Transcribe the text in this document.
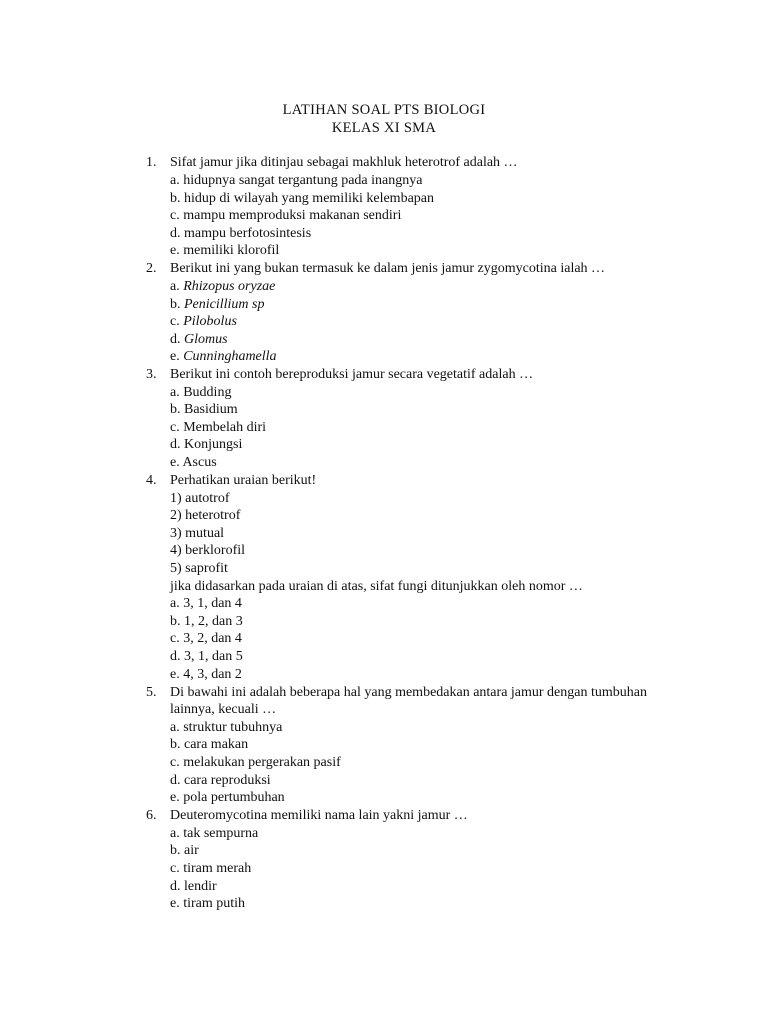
LATIHAN SOAL PTS BIOLOGI
KELAS XI SMA
1. Sifat jamur jika ditinjau sebagai makhluk heterotrof adalah …
a. hidupnya sangat tergantung pada inangnya
b. hidup di wilayah yang memiliki kelembapan
c. mampu memproduksi makanan sendiri
d. mampu berfotosintesis
e. memiliki klorofil
2. Berikut ini yang bukan termasuk ke dalam jenis jamur zygomycotina ialah …
a. Rhizopus oryzae
b. Penicillium sp
c. Pilobolus
d. Glomus
e. Cunninghamella
3. Berikut ini contoh bereproduksi jamur secara vegetatif adalah …
a. Budding
b. Basidium
c. Membelah diri
d. Konjungsi
e. Ascus
4. Perhatikan uraian berikut!
1) autotrof
2) heterotrof
3) mutual
4) berklorofil
5) saprofit
jika didasarkan pada uraian di atas, sifat fungi ditunjukkan oleh nomor …
a. 3, 1, dan 4
b. 1, 2, dan 3
c. 3, 2, dan 4
d. 3, 1, dan 5
e. 4, 3, dan 2
5. Di bawahi ini adalah beberapa hal yang membedakan antara jamur dengan tumbuhan
lainnya, kecuali …
a. struktur tubuhnya
b. cara makan
c. melakukan pergerakan pasif
d. cara reproduksi
e. pola pertumbuhan
6. Deuteromycotina memiliki nama lain yakni jamur …
a. tak sempurna
b. air
c. tiram merah
d. lendir
e. tiram putih
